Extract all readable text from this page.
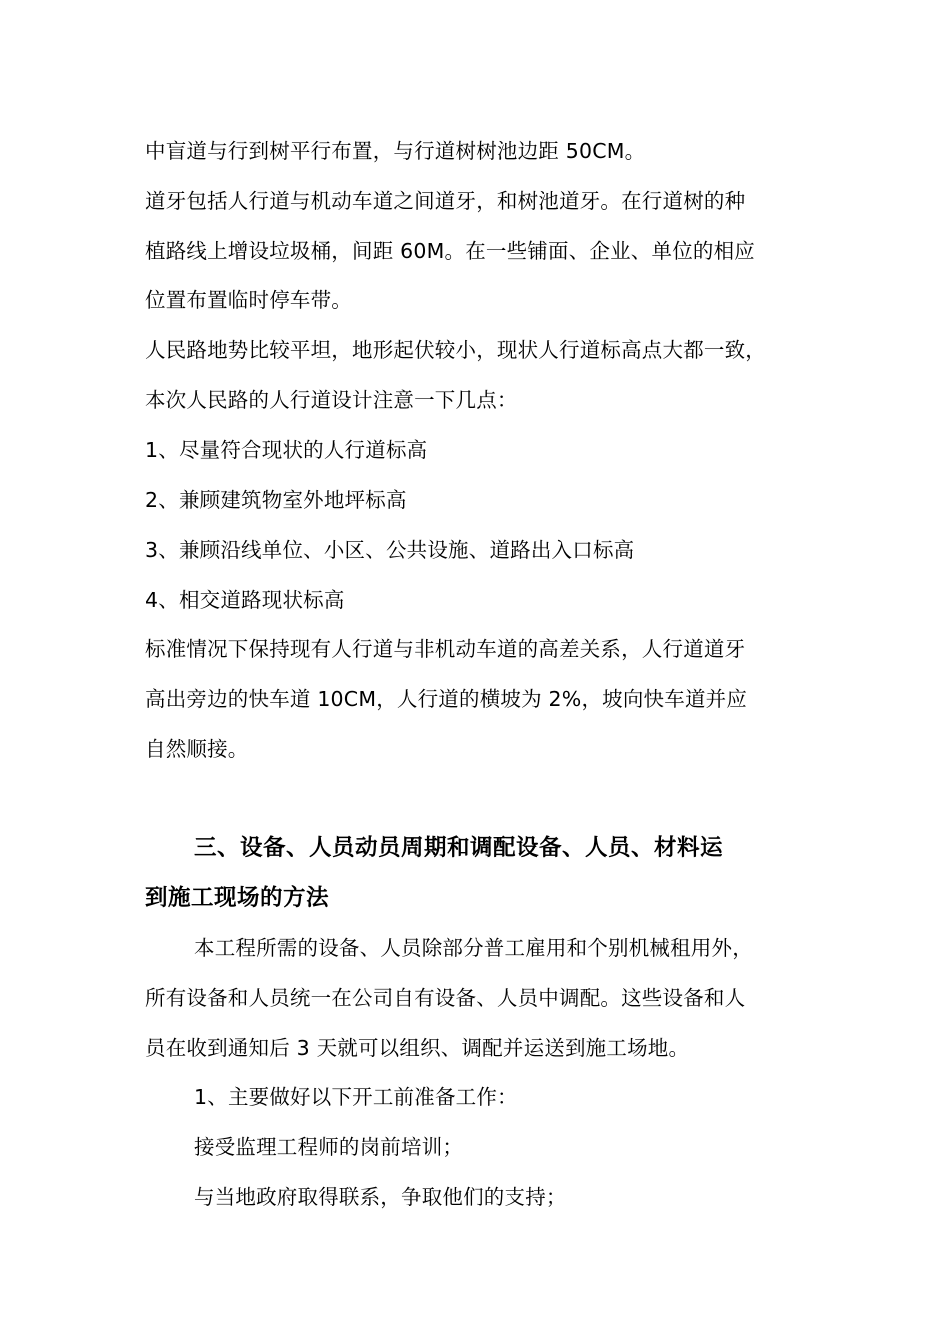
中盲道与行到树平行布置，与行道树树池边距 50CM。
道牙包括人行道与机动车道之间道牙，和树池道牙。在行道树的种
植路线上增设垃圾桶，间距 60M。在一些铺面、企业、单位的相应
位置布置临时停车带。
人民路地势比较平坦，地形起伏较小，现状人行道标高点大都一致，
本次人民路的人行道设计注意一下几点：
1、尽量符合现状的人行道标高
2、兼顾建筑物室外地坪标高
3、兼顾沿线单位、小区、公共设施、道路出入口标高
4、相交道路现状标高
标准情况下保持现有人行道与非机动车道的高差关系，人行道道牙
高出旁边的快车道 10CM，人行道的横坡为 2%，坡向快车道并应
自然顺接。
三、设备、人员动员周期和调配设备、人员、材料运
到施工现场的方法
本工程所需的设备、人员除部分普工雇用和个别机械租用外，
所有设备和人员统一在公司自有设备、人员中调配。这些设备和人
员在收到通知后 3 天就可以组织、调配并运送到施工场地。
1、主要做好以下开工前准备工作：
接受监理工程师的岗前培训；
与当地政府取得联系，争取他们的支持；
